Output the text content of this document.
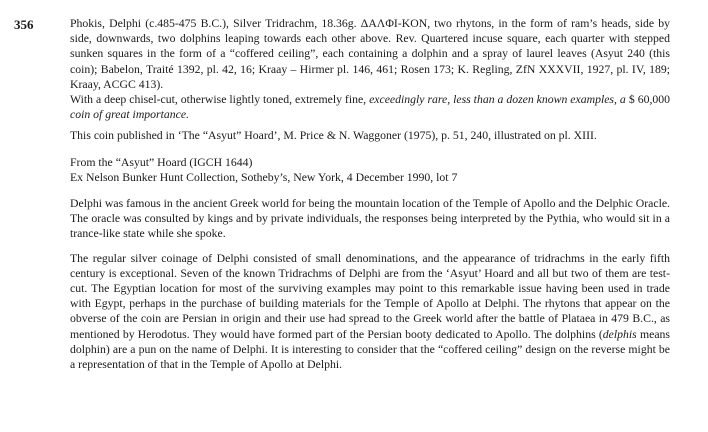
356	Phokis, Delphi (c.485-475 B.C.), Silver Tridrachm, 18.36g. ΔΑΛΦΙ-KON, two rhytons, in the form of ram’s heads, side by side, downwards, two dolphins leaping towards each other above. Rev. Quartered incuse square, each quarter with stepped sunken squares in the form of a “coffered ceiling”, each containing a dolphin and a spray of laurel leaves (Asyut 240 (this coin); Babelon, Traité 1392, pl. 42, 16; Kraay – Hirmer pl. 146, 461; Rosen 173; K. Regling, ZfN XXXVII, 1927, pl. IV, 189; Kraay, ACGC 413).

With a deep chisel-cut, otherwise lightly toned, extremely fine, exceedingly rare, less than a dozen known examples, a coin of great importance.
$ 60,000

This coin published in ‘The “Asyut” Hoard’, M. Price & N. Waggoner (1975), p. 51, 240, illustrated on pl. XIII.

From the “Asyut” Hoard (IGCH 1644)

Ex Nelson Bunker Hunt Collection, Sotheby’s, New York, 4 December 1990, lot 7

Delphi was famous in the ancient Greek world for being the mountain location of the Temple of Apollo and the Delphic Oracle. The oracle was consulted by kings and by private individuals, the responses being interpreted by the Pythia, who would sit in a trance-like state while she spoke.

The regular silver coinage of Delphi consisted of small denominations, and the appearance of tridrachms in the early fifth century is exceptional. Seven of the known Tridrachms of Delphi are from the ‘Asyut’ Hoard and all but two of them are test-cut. The Egyptian location for most of the surviving examples may point to this remarkable issue having been used in trade with Egypt, perhaps in the purchase of building materials for the Temple of Apollo at Delphi. The rhytons that appear on the obverse of the coin are Persian in origin and their use had spread to the Greek world after the battle of Plataea in 479 B.C., as mentioned by Herodotus. They would have formed part of the Persian booty dedicated to Apollo. The dolphins (delphis means dolphin) are a pun on the name of Delphi. It is interesting to consider that the “coffered ceiling” design on the reverse might be a representation of that in the Temple of Apollo at Delphi.
